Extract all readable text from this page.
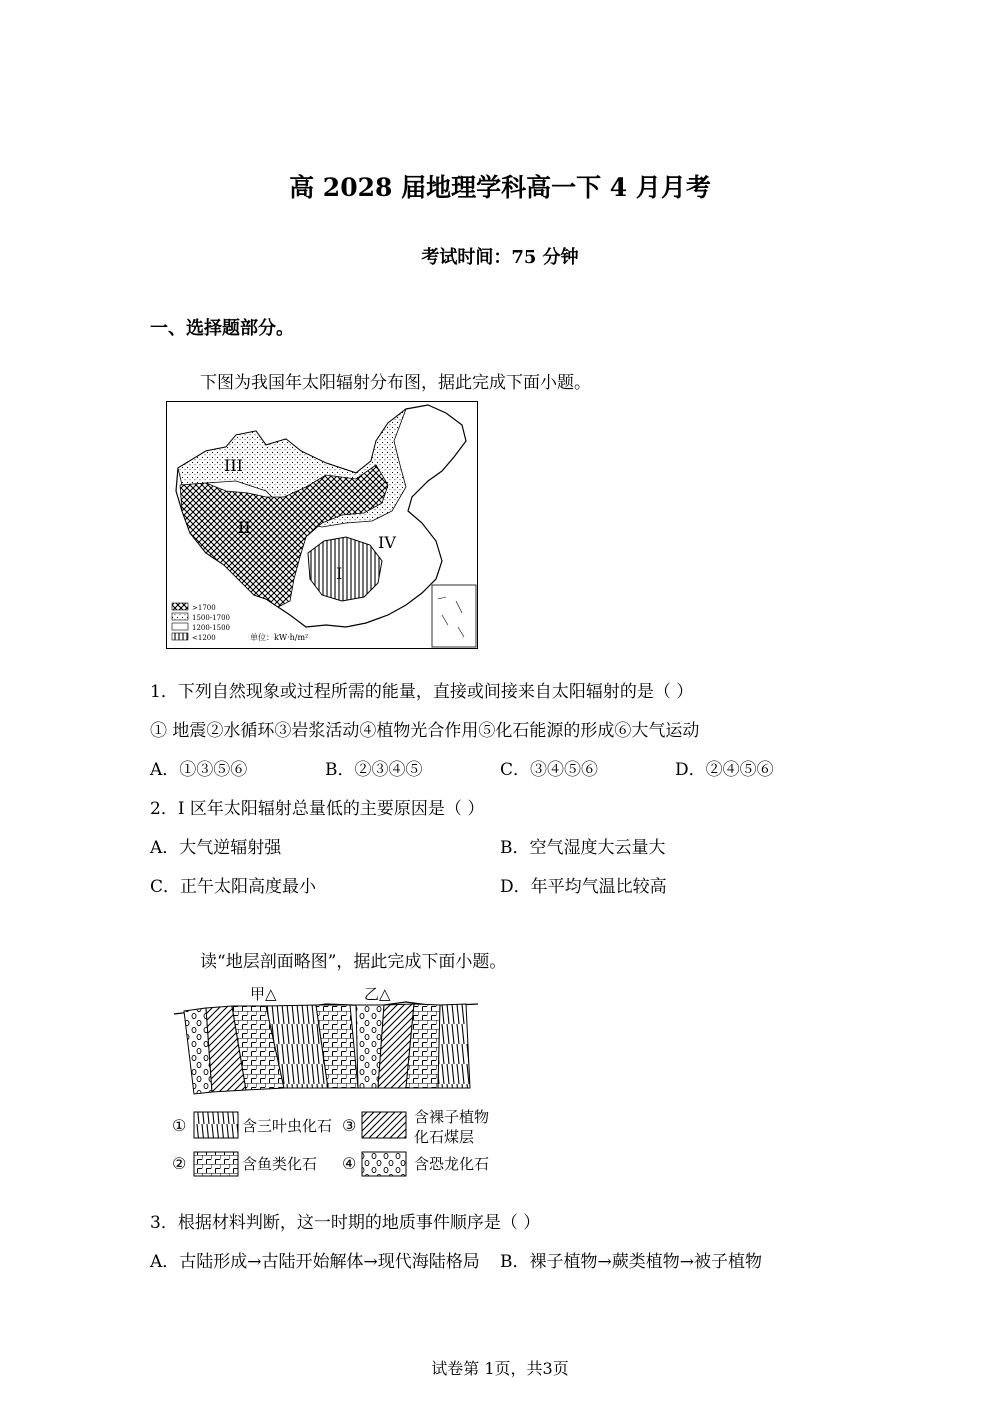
高 2028 届地理学科高一下 4 月月考
考试时间：75 分钟
一、选择题部分。
下图为我国年太阳辐射分布图，据此完成下面小题。
III
II
IV
I
>1700
1500-1700
1200-1500
<1200	单位：kW·h/m²
1．下列自然现象或过程所需的能量，直接或间接来自太阳辐射的是（ ）
① 地震②水循环③岩浆活动④植物光合作用⑤化石能源的形成⑥大气运动
A．①③⑤⑥	B．②③④⑤	C．③④⑤⑥	D．②④⑤⑥
2．I 区年太阳辐射总量低的主要原因是（ ）
A．大气逆辐射强	B．空气湿度大云量大
C．正午太阳高度最小	D．年平均气温比较高
读“地层剖面略图”，据此完成下面小题。
甲△	乙△
①	含三叶虫化石 ③	含裸子植物
化石煤层
②	含鱼类化石 ④	含恐龙化石
3．根据材料判断，这一时期的地质事件顺序是（ ）
A．古陆形成→古陆开始解体→现代海陆格局 B．裸子植物→蕨类植物→被子植物
试卷第 1页，共3页
